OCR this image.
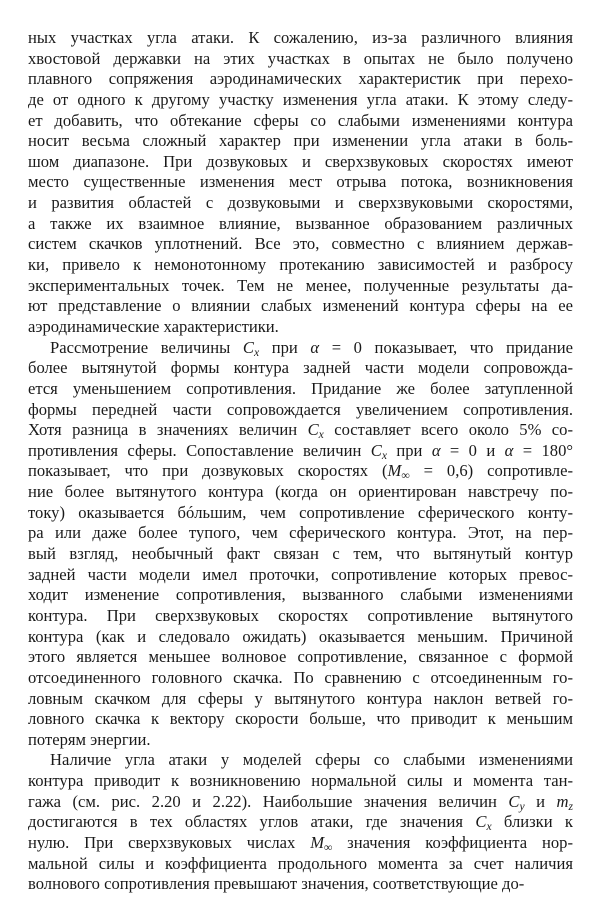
ных участках угла атаки. К сожалению, из-за различного влияния
хвостовой державки на этих участках в опытах не было получено
плавного сопряжения аэродинамических характеристик при перехо-
де от одного к другому участку изменения угла атаки. К этому следу-
ет добавить, что обтекание сферы со слабыми изменениями контура
носит весьма сложный характер при изменении угла атаки в боль-
шом диапазоне. При дозвуковых и сверхзвуковых скоростях имеют
место существенные изменения мест отрыва потока, возникновения
и развития областей с дозвуковыми и сверхзвуковыми скоростями,
а также их взаимное влияние, вызванное образованием различных
систем скачков уплотнений. Все это, совместно с влиянием держав-
ки, привело к немонотонному протеканию зависимостей и разбросу
экспериментальных точек. Тем не менее, полученные результаты да-
ют представление о влиянии слабых изменений контура сферы на ее
аэродинамические характеристики.
Рассмотрение величины $C_x$ при α = 0 показывает, что придание
более вытянутой формы контура задней части модели сопровожда-
ется уменьшением сопротивления. Придание же более затупленной
формы передней части сопровождается увеличением сопротивления.
Хотя разница в значениях величин $C_x$ составляет всего около 5% со-
противления сферы. Сопоставление величин $C_x$ при α = 0 и α = 180°
показывает, что при дозвуковых скоростях $(M_\infty = 0,6)$ сопротивле-
ние более вытянутого контура (когда он ориентирован навстречу по-
току) оказывается бóльшим, чем сопротивление сферического конту-
ра или даже более тупого, чем сферического контура. Этот, на пер-
вый взгляд, необычный факт связан с тем, что вытянутый контур
задней части модели имел проточки, сопротивление которых превос-
ходит изменение сопротивления, вызванного слабыми изменениями
контура. При сверхзвуковых скоростях сопротивление вытянутого
контура (как и следовало ожидать) оказывается меньшим. Причиной
этого является меньшее волновое сопротивление, связанное с формой
отсоединенного головного скачка. По сравнению с отсоединенным го-
ловным скачком для сферы у вытянутого контура наклон ветвей го-
ловного скачка к вектору скорости больше, что приводит к меньшим
потерям энергии.
Наличие угла атаки у моделей сферы со слабыми изменениями
контура приводит к возникновению нормальной силы и момента тан-
гажа (см. рис. 2.20 и 2.22). Наибольшие значения величин $C_y$ и $m_z$
достигаются в тех областях углов атаки, где значения $C_x$ близки к
нулю. При сверхзвуковых числах $M_\infty$ значения коэффициента нор-
мальной силы и коэффициента продольного момента за счет наличия
волнового сопротивления превышают значения, соответствующие до-
